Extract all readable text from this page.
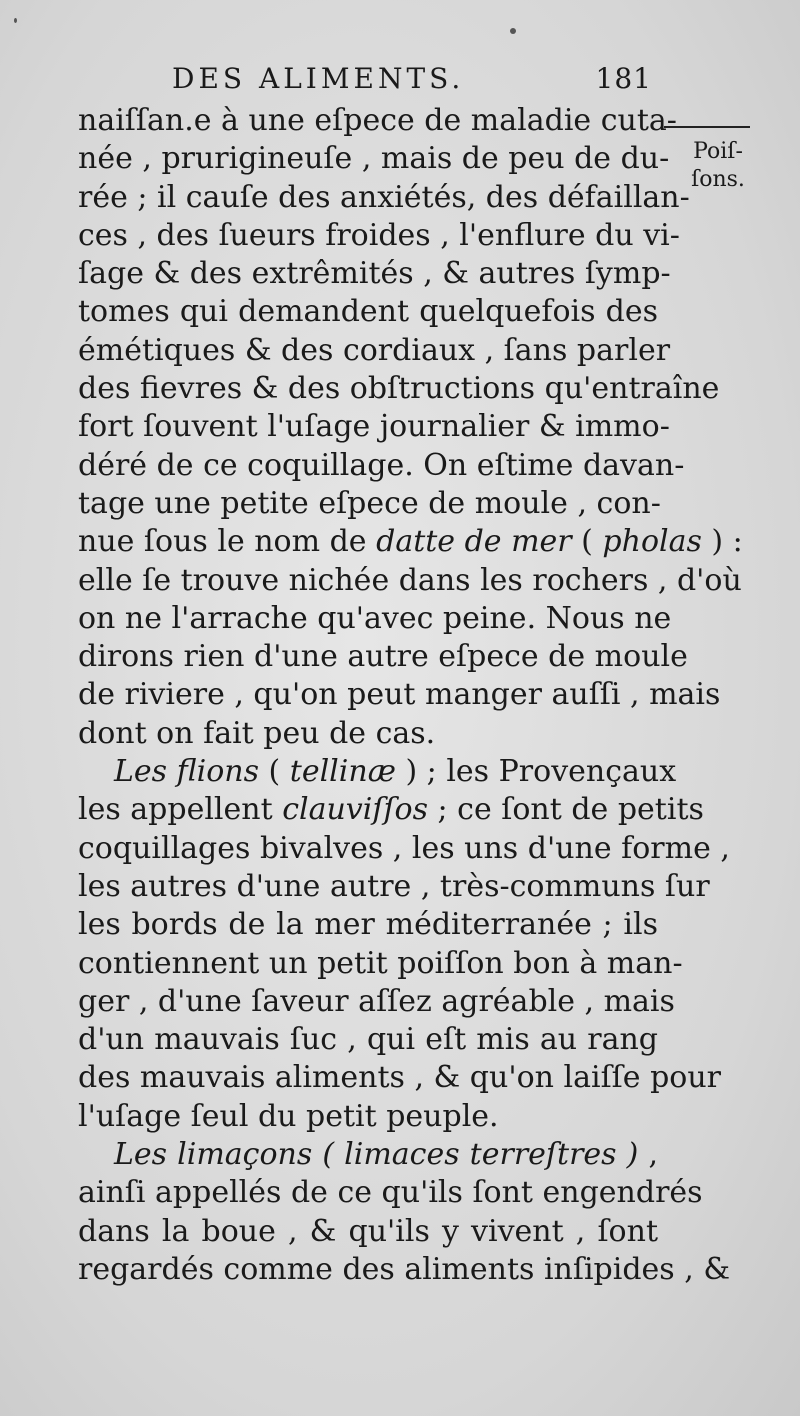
DES ALIMENTS.	181
Poiſ-
ſons.
naiſſan.e à une eſpece de maladie cuta-
née , prurigineuſe , mais de peu de du-
rée ; il cauſe des anxiétés, des défaillan-
ces , des ſueurs froides , l'enflure du vi-
ſage & des extrêmités , & autres ſymp-
tomes qui demandent quelquefois des
émétiques & des cordiaux , ſans parler
des fievres & des obſtructions qu'entraîne
fort ſouvent l'uſage journalier & immo-
déré de ce coquillage. On eſtime davan-
tage une petite eſpece de moule , con-
nue ſous le nom de datte de mer ( pholas ) :
elle ſe trouve nichée dans les rochers , d'où
on ne l'arrache qu'avec peine. Nous ne
dirons rien d'une autre eſpece de moule
de riviere , qu'on peut manger auſſi , mais
dont on fait peu de cas.
Les flions ( tellinæ ) ; les Provençaux
les appellent clauviſſos ; ce ſont de petits
coquillages bivalves , les uns d'une forme ,
les autres d'une autre , très-communs ſur
les bords de la mer méditerranée ; ils
contiennent un petit poiſſon bon à man-
ger , d'une ſaveur aſſez agréable , mais
d'un mauvais ſuc , qui eſt mis au rang
des mauvais aliments , & qu'on laiſſe pour
l'uſage ſeul du petit peuple.
Les limaçons ( limaces terreſtres ) ,
ainſi appellés de ce qu'ils ſont engendrés
dans la boue , & qu'ils y vivent , ſont
regardés comme des aliments inſipides , &
